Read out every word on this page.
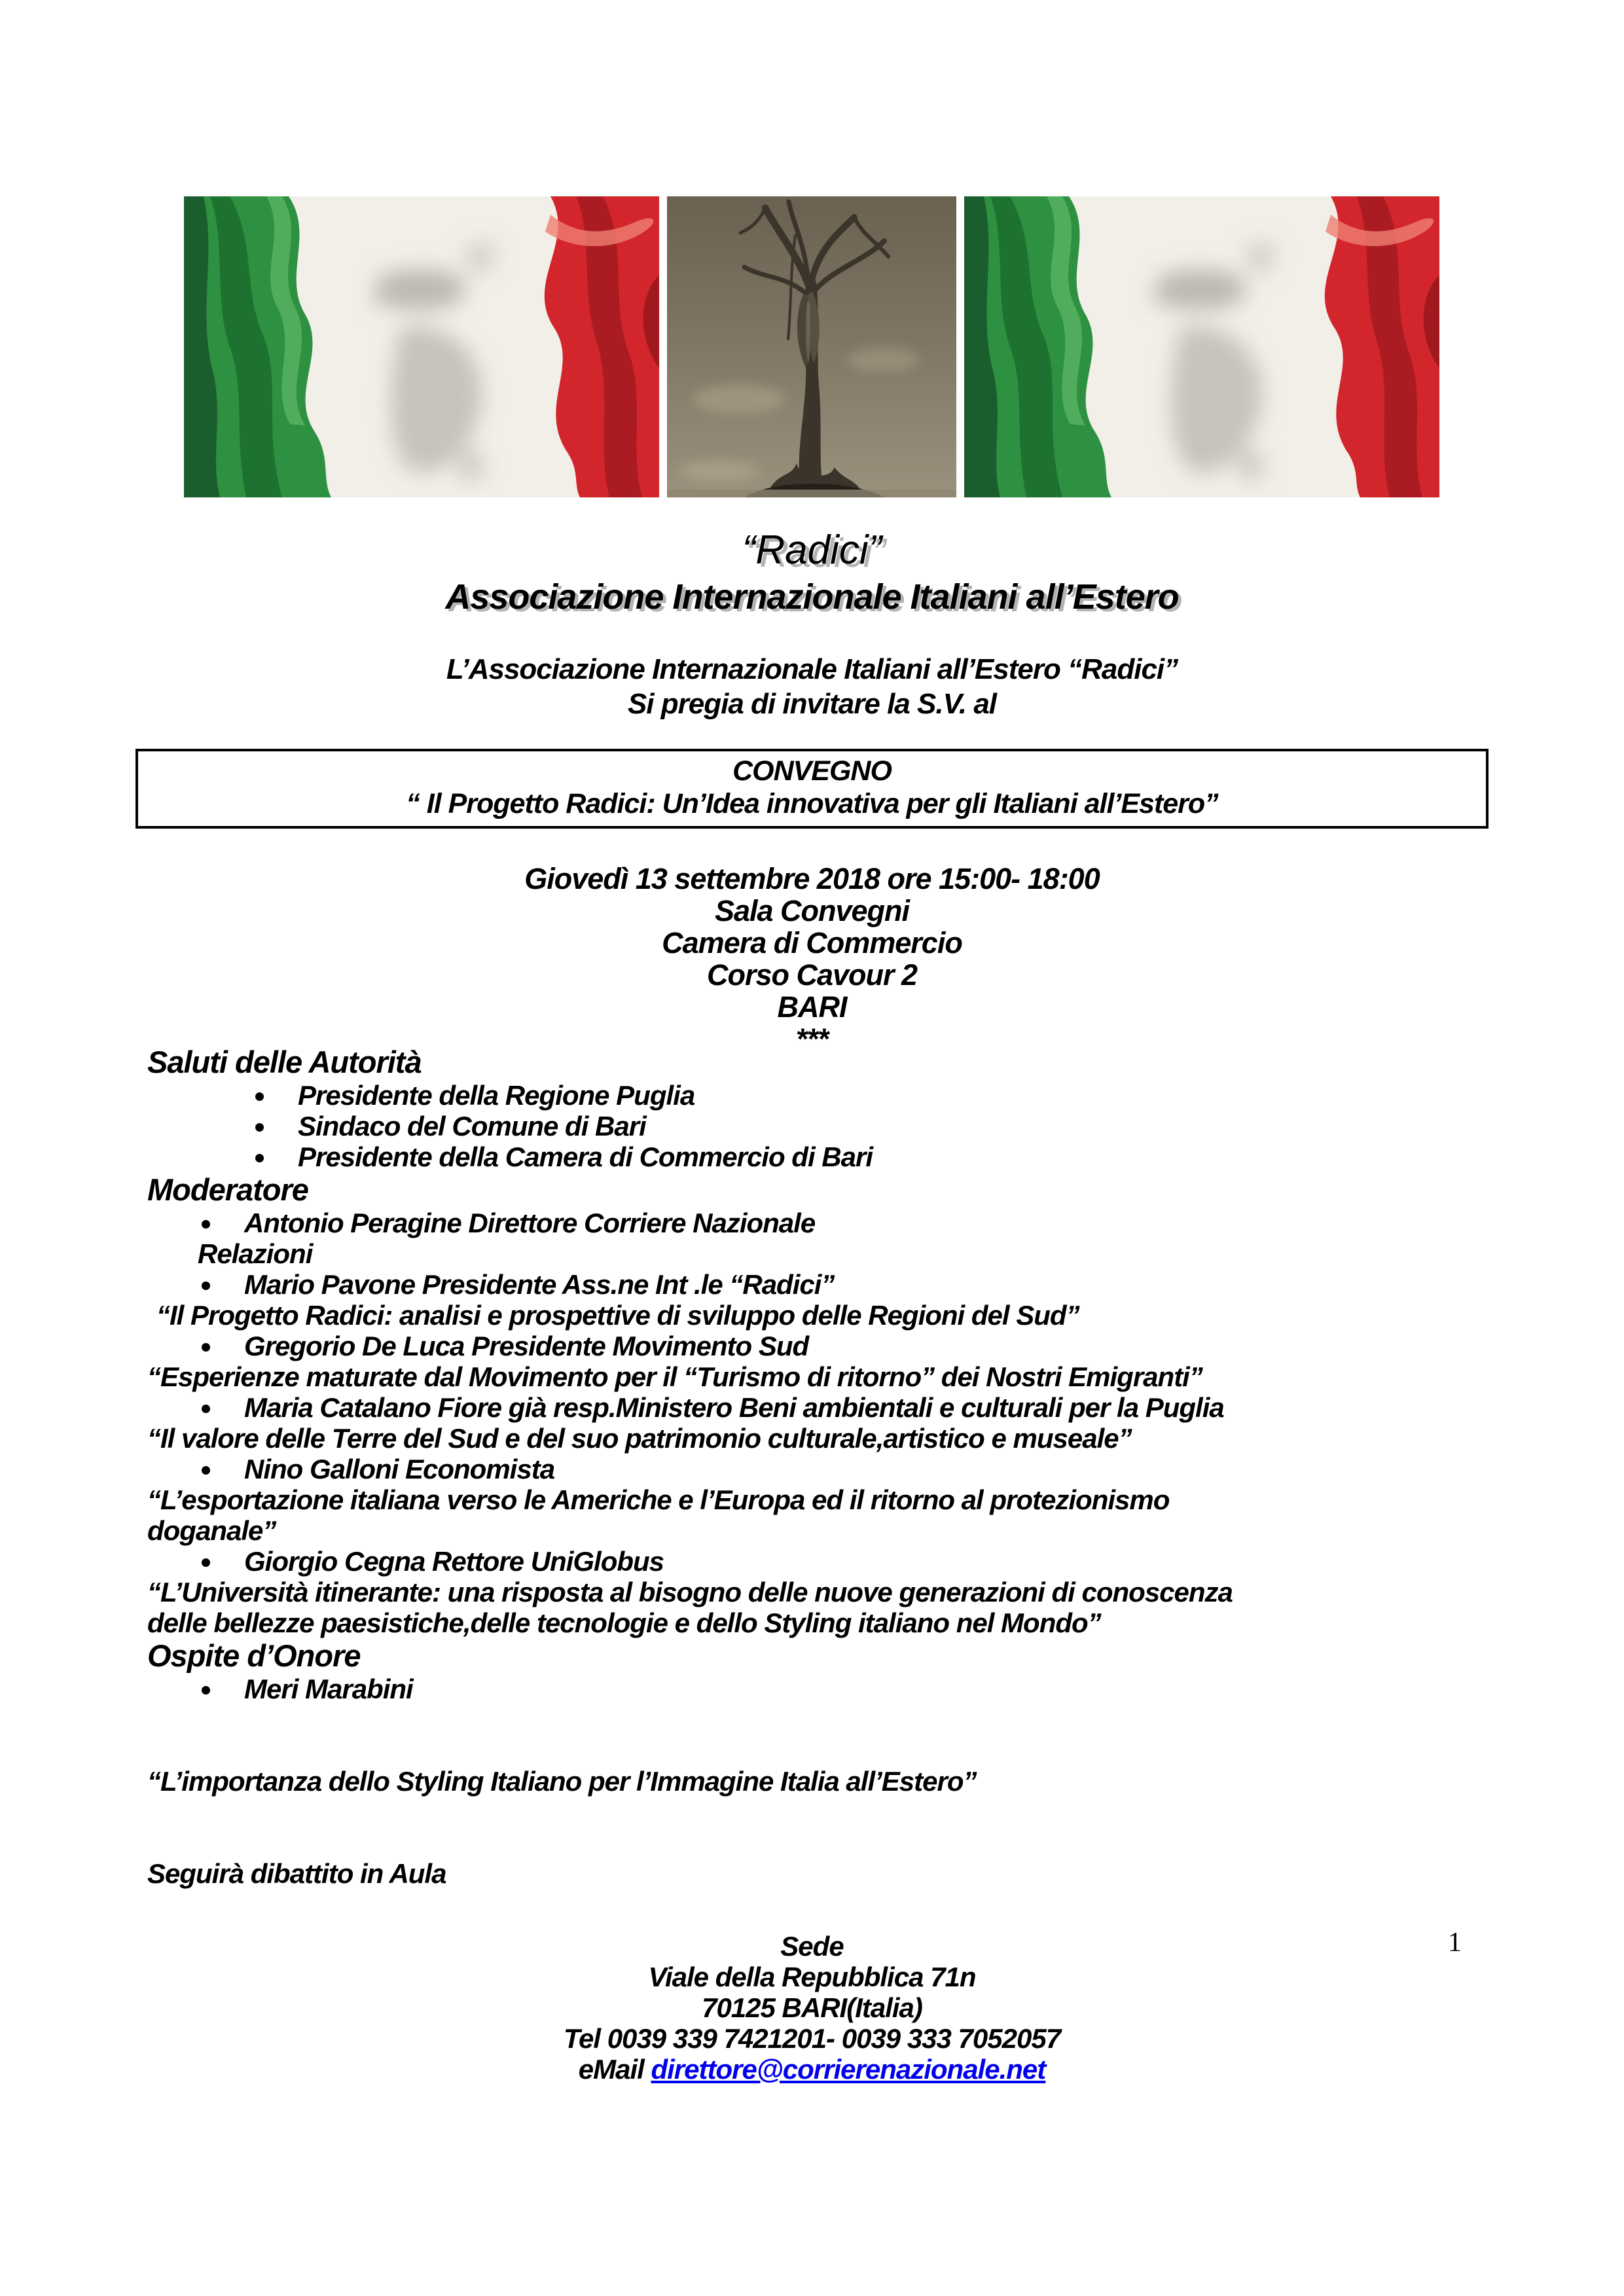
“Radici”
Associazione Internazionale Italiani all’Estero
L’Associazione Internazionale Italiani all’Estero “Radici”
Si pregia di invitare la S.V. al
CONVEGNO
“ Il Progetto Radici: Un’Idea innovativa per gli Italiani all’Estero”
Giovedì 13 settembre 2018 ore 15:00- 18:00
Sala Convegni
Camera di Commercio
Corso Cavour 2
BARI
***
Saluti delle Autorità
Presidente della Regione Puglia
Sindaco del Comune di Bari
Presidente della Camera di Commercio di Bari
Moderatore
Antonio Peragine Direttore Corriere Nazionale
Relazioni
Mario Pavone Presidente Ass.ne Int .le “Radici”
“Il Progetto Radici: analisi e prospettive di sviluppo delle Regioni del Sud”
Gregorio De Luca Presidente Movimento Sud
“Esperienze maturate dal Movimento per il “Turismo di ritorno” dei Nostri Emigranti”
Maria Catalano Fiore già resp.Ministero Beni ambientali e culturali per la Puglia
“Il valore delle Terre del Sud e del suo patrimonio culturale,artistico e museale”
Nino Galloni Economista
“L’esportazione italiana verso le Americhe e l’Europa ed il ritorno al protezionismo
doganale”
Giorgio Cegna Rettore UniGlobus
“L’Università itinerante: una risposta al bisogno delle nuove generazioni di conoscenza
delle bellezze paesistiche,delle tecnologie e dello Styling italiano nel Mondo”
Ospite d’Onore
Meri Marabini
“L’importanza dello Styling Italiano per l’Immagine Italia all’Estero”
Seguirà dibattito in Aula
Sede
Viale della Repubblica 71n
70125 BARI(Italia)
Tel 0039 339 7421201- 0039 333 7052057
eMail direttore@corrierenazionale.net
1
